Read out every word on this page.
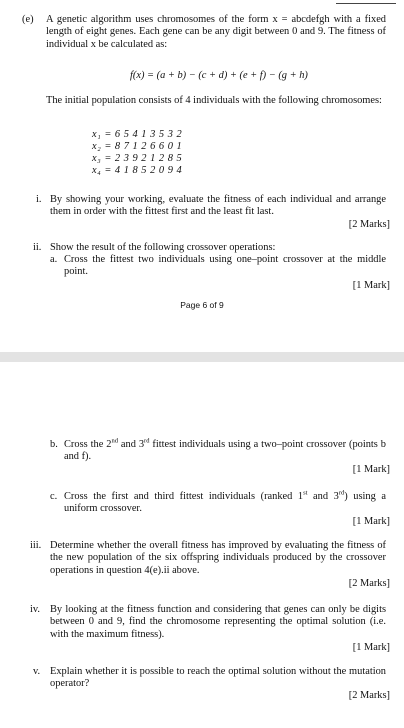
(e) A genetic algorithm uses chromosomes of the form x = abcdefgh with a fixed length of eight genes. Each gene can be any digit between 0 and 9. The fitness of individual x be calculated as:
f(x) = (a + b) − (c + d) + (e + f) − (g + h)
The initial population consists of 4 individuals with the following chromosomes:
x₁ = 6 5 4 1 3 5 3 2
x₂ = 8 7 1 2 6 6 0 1
x₃ = 2 3 9 2 1 2 8 5
x₄ = 4 1 8 5 2 0 9 4
i. By showing your working, evaluate the fitness of each individual and arrange them in order with the fittest first and the least fit last.
[2 Marks]
ii. Show the result of the following crossover operations:
a. Cross the fittest two individuals using one–point crossover at the middle point.
[1 Mark]
Page 6 of 9
b. Cross the 2nd and 3rd fittest individuals using a two–point crossover (points b and f).
[1 Mark]
c. Cross the first and third fittest individuals (ranked 1st and 3rd) using a uniform crossover.
[1 Mark]
iii. Determine whether the overall fitness has improved by evaluating the fitness of the new population of the six offspring individuals produced by the crossover operations in question 4(e).ii above.
[2 Marks]
iv. By looking at the fitness function and considering that genes can only be digits between 0 and 9, find the chromosome representing the optimal solution (i.e. with the maximum fitness).
[1 Mark]
v. Explain whether it is possible to reach the optimal solution without the mutation operator?
[2 Marks]
